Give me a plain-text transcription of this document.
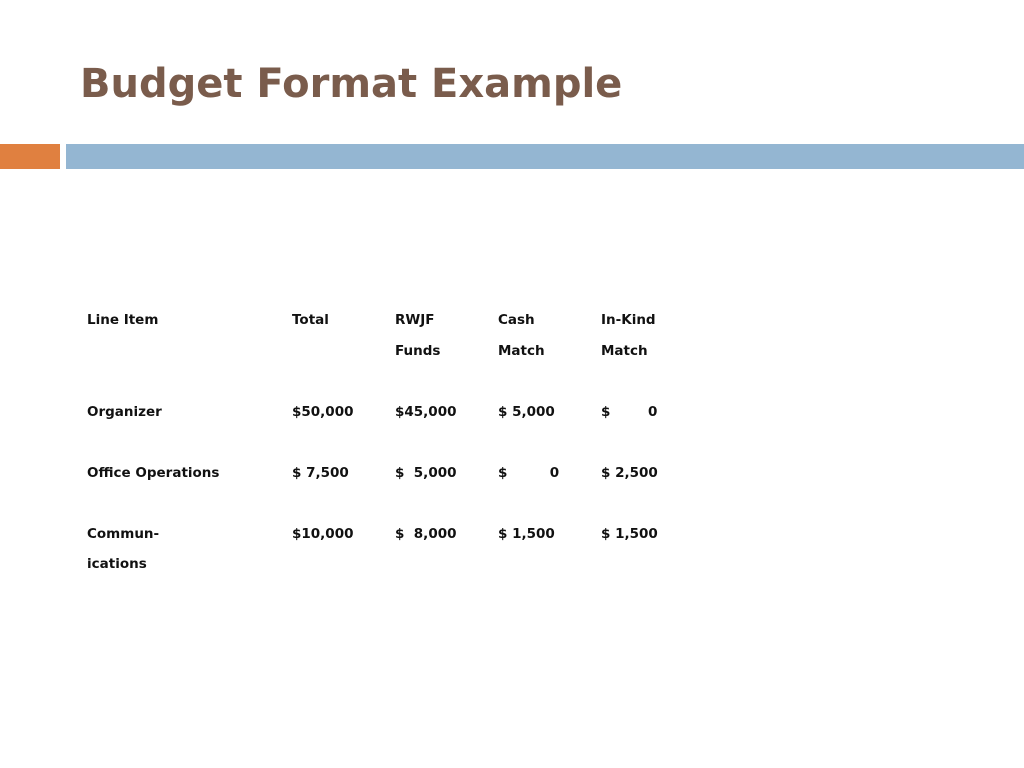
Budget Format Example
Line Item	Total	RWJF	Cash	In-Kind
		Funds	Match	Match

Organizer	$50,000	$45,000	$ 5,000	$        0

Office Operations	$ 7,500	$  5,000	$         0	$ 2,500

Commun-	$10,000	$  8,000	$ 1,500	$ 1,500
ications				
